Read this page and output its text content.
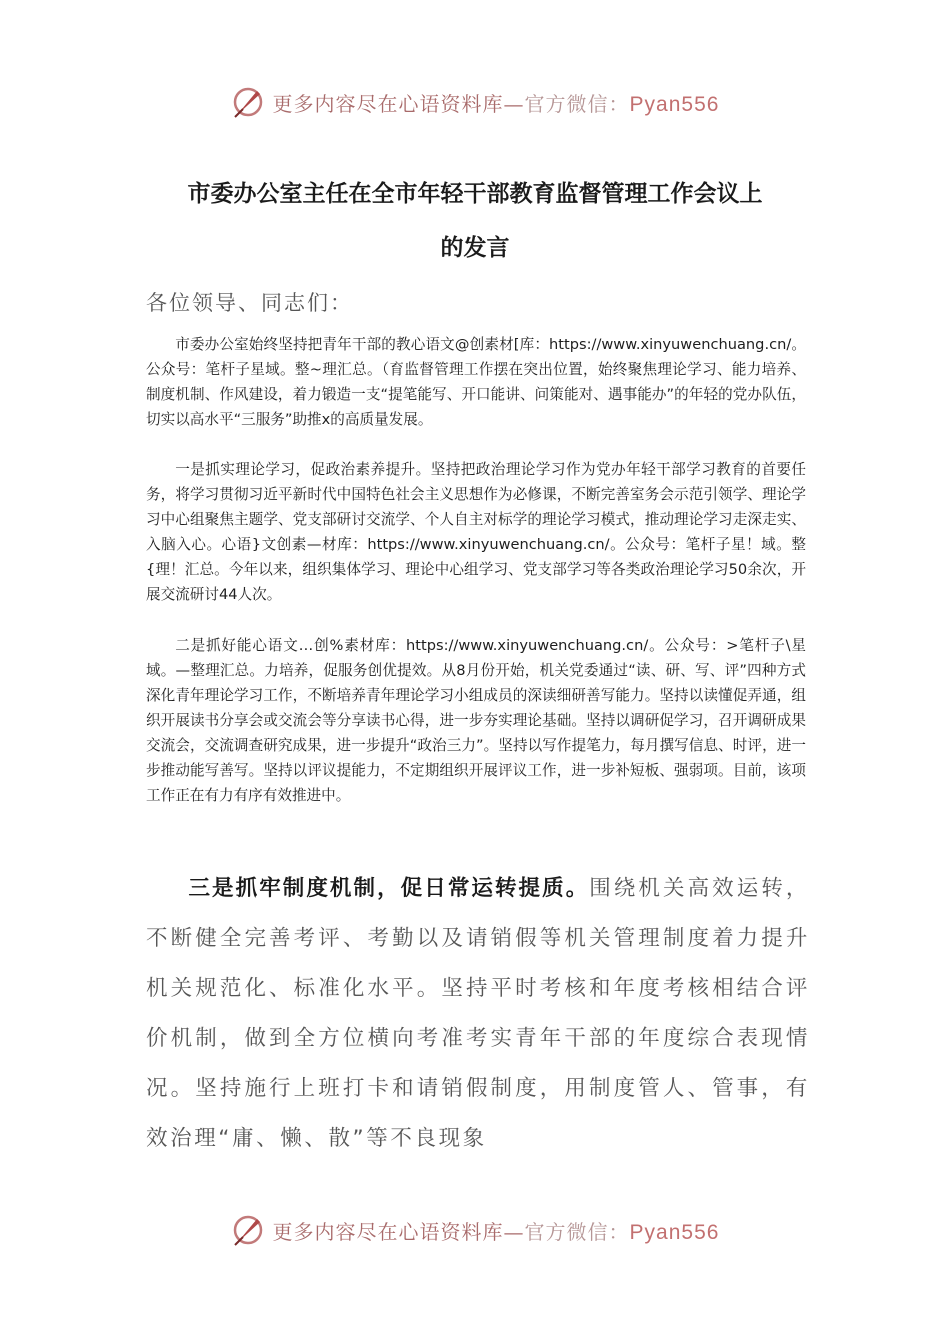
更多内容尽在心语资料库—官方微信：Pyan556
市委办公室主任在全市年轻干部教育监督管理工作会议上
的发言
各位领导、同志们：

市委办公室始终坚持把青年干部的教心语文@创素材[库：https://www.xinyuwenchuang.cn/。公众号：笔杆子星域。整~理汇总。（育监督管理工作摆在突出位置，始终聚焦理论学习、能力培养、制度机制、作风建设，着力锻造一支“提笔能写、开口能讲、问策能对、遇事能办”的年轻的党办队伍，切实以高水平“三服务”助推x的高质量发展。

一是抓实理论学习，促政治素养提升。坚持把政治理论学习作为党办年轻干部学习教育的首要任务，将学习贯彻习近平新时代中国特色社会主义思想作为必修课，不断完善室务会示范引领学、理论学习中心组聚焦主题学、党支部研讨交流学、个人自主对标学的理论学习模式，推动理论学习走深走实、入脑入心。心语}文创素—材库：https://www.xinyuwenchuang.cn/。公众号：笔杆子星！域。整{理！汇总。今年以来，组织集体学习、理论中心组学习、党支部学习等各类政治理论学习50余次，开展交流研讨44人次。

二是抓好能心语文…创%素材库：https://www.xinyuwenchuang.cn/。公众号：>笔杆子\星域。—整理汇总。力培养，促服务创优提效。从8月份开始，机关党委通过“读、研、写、评”四种方式深化青年理论学习工作，不断培养青年理论学习小组成员的深读细研善写能力。坚持以读懂促弄通，组织开展读书分享会或交流会等分享读书心得，进一步夯实理论基础。坚持以调研促学习，召开调研成果交流会，交流调查研究成果，进一步提升“政治三力”。坚持以写作提笔力，每月撰写信息、时评，进一步推动能写善写。坚持以评议提能力，不定期组织开展评议工作，进一步补短板、强弱项。目前，该项工作正在有力有序有效推进中。

三是抓牢制度机制，促日常运转提质。围绕机关高效运转，不断健全完善考评、考勤以及请销假等机关管理制度着力提升机关规范化、标准化水平。坚持平时考核和年度考核相结合评价机制，做到全方位横向考准考实青年干部的年度综合表现情况。坚持施行上班打卡和请销假制度，用制度管人、管事，有效治理“庸、懒、散”等不良现象

更多内容尽在心语资料库—官方微信：Pyan556
